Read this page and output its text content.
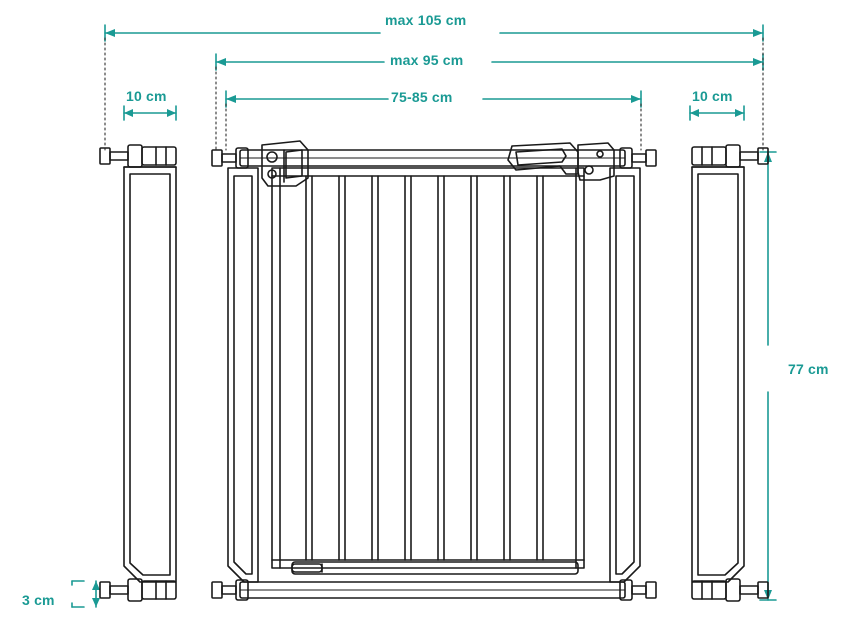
max 105 cm
max 95 cm
75-85 cm
10 cm	10 cm
77 cm
3 cm
